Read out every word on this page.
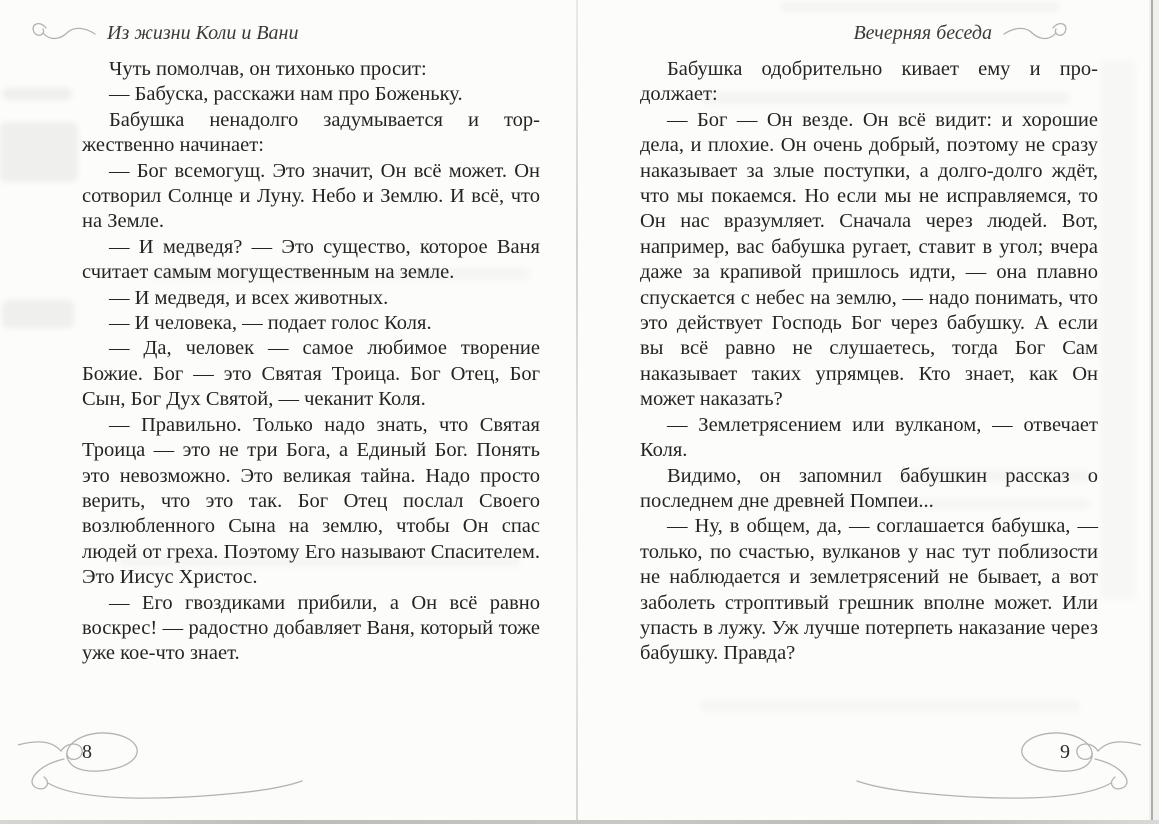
Из жизни Коли и Вани	Вечерняя беседа

Чуть помолчав, он тихонько просит:

— Бабуска, расскажи нам про Боженьку.

Бабушка ненадолго задумывается и торжественно начинает:

— Бог всемогущ. Это значит, Он всё может. Он сотворил Солнце и Луну. Небо и Землю. И всё, что на Земле.

— И медведя? — Это существо, которое Ваня считает самым могущественным на земле.

— И медведя, и всех животных.

— И человека, — подает голос Коля.

— Да, человек — самое любимое творение Божие. Бог — это Святая Троица. Бог Отец, Бог Сын, Бог Дух Святой, — чеканит Коля.

— Правильно. Только надо знать, что Святая Троица — это не три Бога, а Единый Бог. Понять это невозможно. Это великая тайна. Надо просто верить, что это так. Бог Отец послал Своего возлюбленного Сына на землю, чтобы Он спас людей от греха. Поэтому Его называют Спасителем. Это Иисус Христос.

— Его гвоздиками прибили, а Он всё равно воскрес! — радостно добавляет Ваня, который тоже уже кое-что знает.

Бабушка одобрительно кивает ему и продолжает:

— Бог — Он везде. Он всё видит: и хорошие дела, и плохие. Он очень добрый, поэтому не сразу наказывает за злые поступки, а долго-долго ждёт, что мы покаемся. Но если мы не исправляемся, то Он нас вразумляет. Сначала через людей. Вот, например, вас бабушка ругает, ставит в угол; вчера даже за крапивой пришлось идти, — она плавно спускается с небес на землю, — надо понимать, что это действует Господь Бог через бабушку. А если вы всё равно не слушаетесь, тогда Бог Сам наказывает таких упрямцев. Кто знает, как Он может наказать?

— Землетрясением или вулканом, — отвечает Коля.

Видимо, он запомнил бабушкин рассказ о последнем дне древней Помпеи...

— Ну, в общем, да, — соглашается бабушка, — только, по счастью, вулканов у нас тут поблизости не наблюдается и землетрясений не бывает, а вот заболеть строптивый грешник вполне может. Или упасть в лужу. Уж лучше потерпеть наказание через бабушку. Правда?

8	9
